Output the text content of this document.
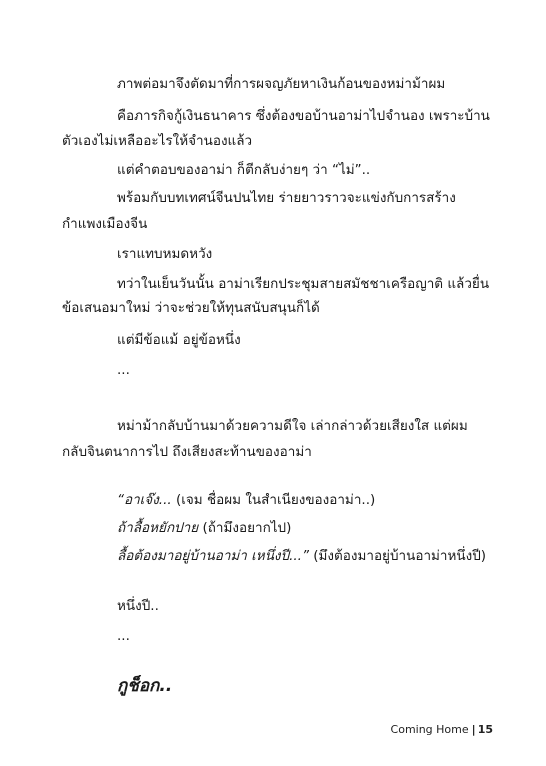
ภาพต่อมาจึงตัดมาที่การผจญภัยหาเงินก้อนของหม่าม้าผม
คือภารกิจกู้เงินธนาคาร ซึ่งต้องขอบ้านอาม่าไปจำนอง เพราะบ้าน
ตัวเองไม่เหลืออะไรให้จำนองแล้ว
แต่คำตอบของอาม่า ก็ตีกลับง่ายๆ ว่า “ไม่”..
พร้อมกับบทเทศน์จีนปนไทย ร่ายยาวราวจะแข่งกับการสร้าง
กำแพงเมืองจีน
เราแทบหมดหวัง
ทว่าในเย็นวันนั้น อาม่าเรียกประชุมสายสมัชชาเครือญาติ แล้วยื่น
ข้อเสนอมาใหม่ ว่าจะช่วยให้ทุนสนับสนุนก็ได้
แต่มีข้อแม้ อยู่ข้อหนึ่ง
...
หม่าม้ากลับบ้านมาด้วยความดีใจ เล่ากล่าวด้วยเสียงใส แต่ผม
กลับจินตนาการไป ถึงเสียงสะท้านของอาม่า
“อาเจ๊ง... (เจม ชื่อผม ในสำเนียงของอาม่า..)
ถ้าลื้อหยักปาย (ถ้ามึงอยากไป)
ลื้อต้องมาอยู่บ้านอาม่า เหนึ่งปี...” (มึงต้องมาอยู่บ้านอาม่าหนึ่งปี)
หนึ่งปี..
...
กูช็อก..
Coming Home | 15
